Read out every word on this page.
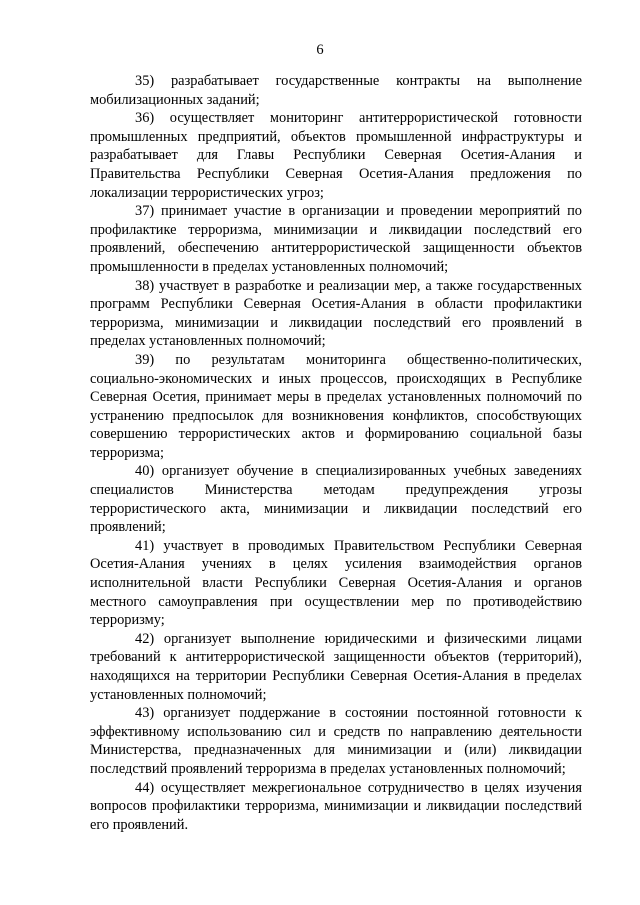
6

35) разрабатывает государственные контракты на выполнение мобилизационных заданий;

36) осуществляет мониторинг антитеррористической готовности промышленных предприятий, объектов промышленной инфраструктуры и разрабатывает для Главы Республики Северная Осетия-Алания и Правительства Республики Северная Осетия-Алания предложения по локализации террористических угроз;

37) принимает участие в организации и проведении мероприятий по профилактике терроризма, минимизации и ликвидации последствий его проявлений, обеспечению антитеррористической защищенности объектов промышленности в пределах установленных полномочий;

38) участвует в разработке и реализации мер, а также государственных программ Республики Северная Осетия-Алания в области профилактики терроризма, минимизации и ликвидации последствий его проявлений в пределах установленных полномочий;

39) по результатам мониторинга общественно-политических, социально-экономических и иных процессов, происходящих в Республике Северная Осетия, принимает меры в пределах установленных полномочий по устранению предпосылок для возникновения конфликтов, способствующих совершению террористических актов и формированию социальной базы терроризма;

40) организует обучение в специализированных учебных заведениях специалистов Министерства методам предупреждения угрозы террористического акта, минимизации и ликвидации последствий его проявлений;

41) участвует в проводимых Правительством Республики Северная Осетия-Алания учениях в целях усиления взаимодействия органов исполнительной власти Республики Северная Осетия-Алания и органов местного самоуправления при осуществлении мер по противодействию терроризму;

42) организует выполнение юридическими и физическими лицами требований к антитеррористической защищенности объектов (территорий), находящихся на территории Республики Северная Осетия-Алания в пределах установленных полномочий;

43) организует поддержание в состоянии постоянной готовности к эффективному использованию сил и средств по направлению деятельности Министерства, предназначенных для минимизации и (или) ликвидации последствий проявлений терроризма в пределах установленных полномочий;

44) осуществляет межрегиональное сотрудничество в целях изучения вопросов профилактики терроризма, минимизации и ликвидации последствий его проявлений.
